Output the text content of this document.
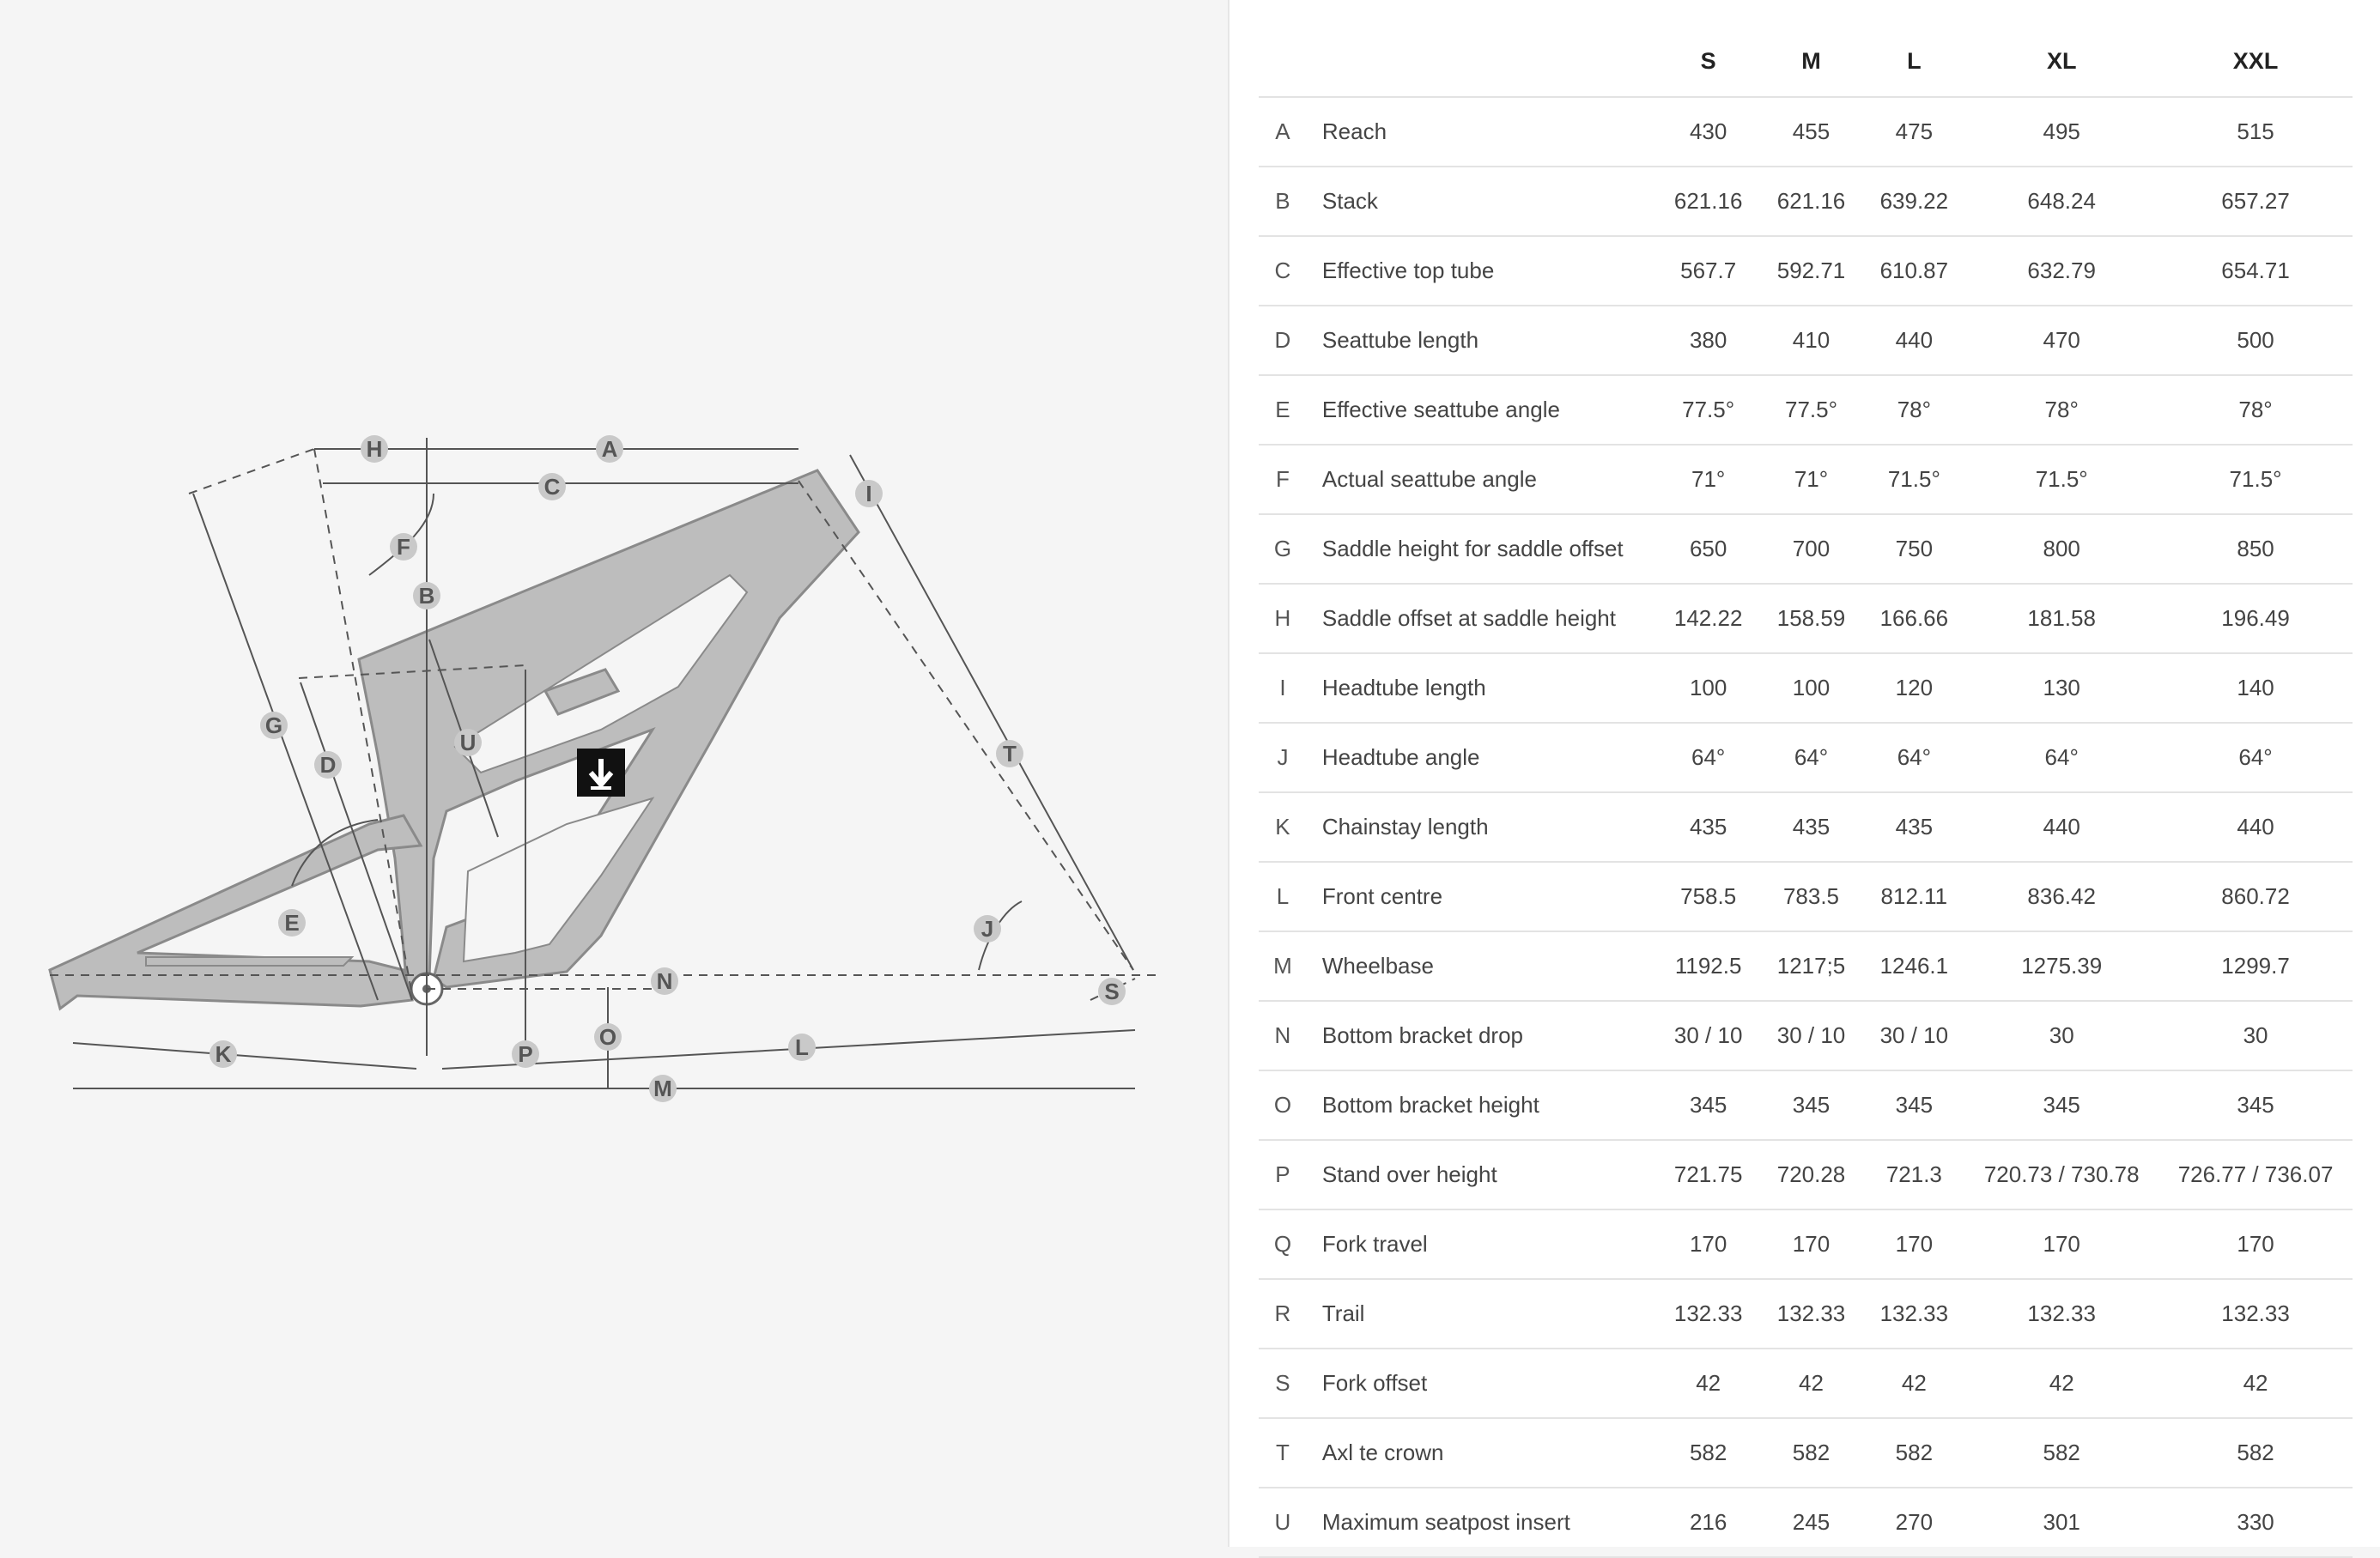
A
B
C
D
E
F
G
H
I
J
K	L
M
N
O
P
S
T
U
		S	M	L	XL	XXL
A	Reach	430	455	475	495	515
B	Stack	621.16	621.16	639.22	648.24	657.27
C	Effective top tube	567.7	592.71	610.87	632.79	654.71
D	Seattube length	380	410	440	470	500
E	Effective seattube angle	77.5°	77.5°	78°	78°	78°
F	Actual seattube angle	71°	71°	71.5°	71.5°	71.5°
G	Saddle height for saddle offset	650	700	750	800	850
H	Saddle offset at saddle height	142.22	158.59	166.66	181.58	196.49
I	Headtube length	100	100	120	130	140
J	Headtube angle	64°	64°	64°	64°	64°
K	Chainstay length	435	435	435	440	440
L	Front centre	758.5	783.5	812.11	836.42	860.72
M	Wheelbase	1192.5	1217;5	1246.1	1275.39	1299.7
N	Bottom bracket drop	30 / 10	30 / 10	30 / 10	30	30
O	Bottom bracket height	345	345	345	345	345
P	Stand over height	721.75	720.28	721.3	720.73 / 730.78	726.77 / 736.07
Q	Fork travel	170	170	170	170	170
R	Trail	132.33	132.33	132.33	132.33	132.33
S	Fork offset	42	42	42	42	42
T	Axl te crown	582	582	582	582	582
U	Maximum seatpost insert	216	245	270	301	330
